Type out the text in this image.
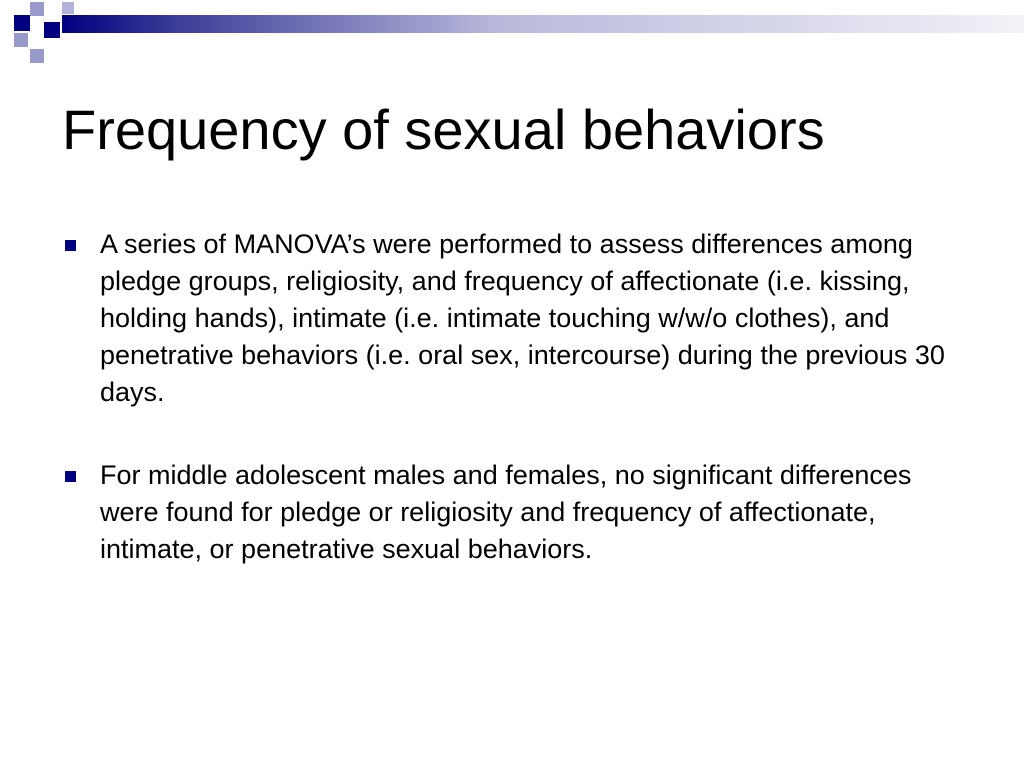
Frequency of sexual behaviors
A series of MANOVA’s were performed to assess differences among pledge groups, religiosity, and frequency of affectionate (i.e. kissing, holding hands), intimate (i.e. intimate touching w/w/o clothes), and penetrative behaviors (i.e. oral sex, intercourse) during the previous 30 days.
For middle adolescent males and females, no significant differences were found for pledge or religiosity and frequency of affectionate, intimate, or penetrative sexual behaviors.
